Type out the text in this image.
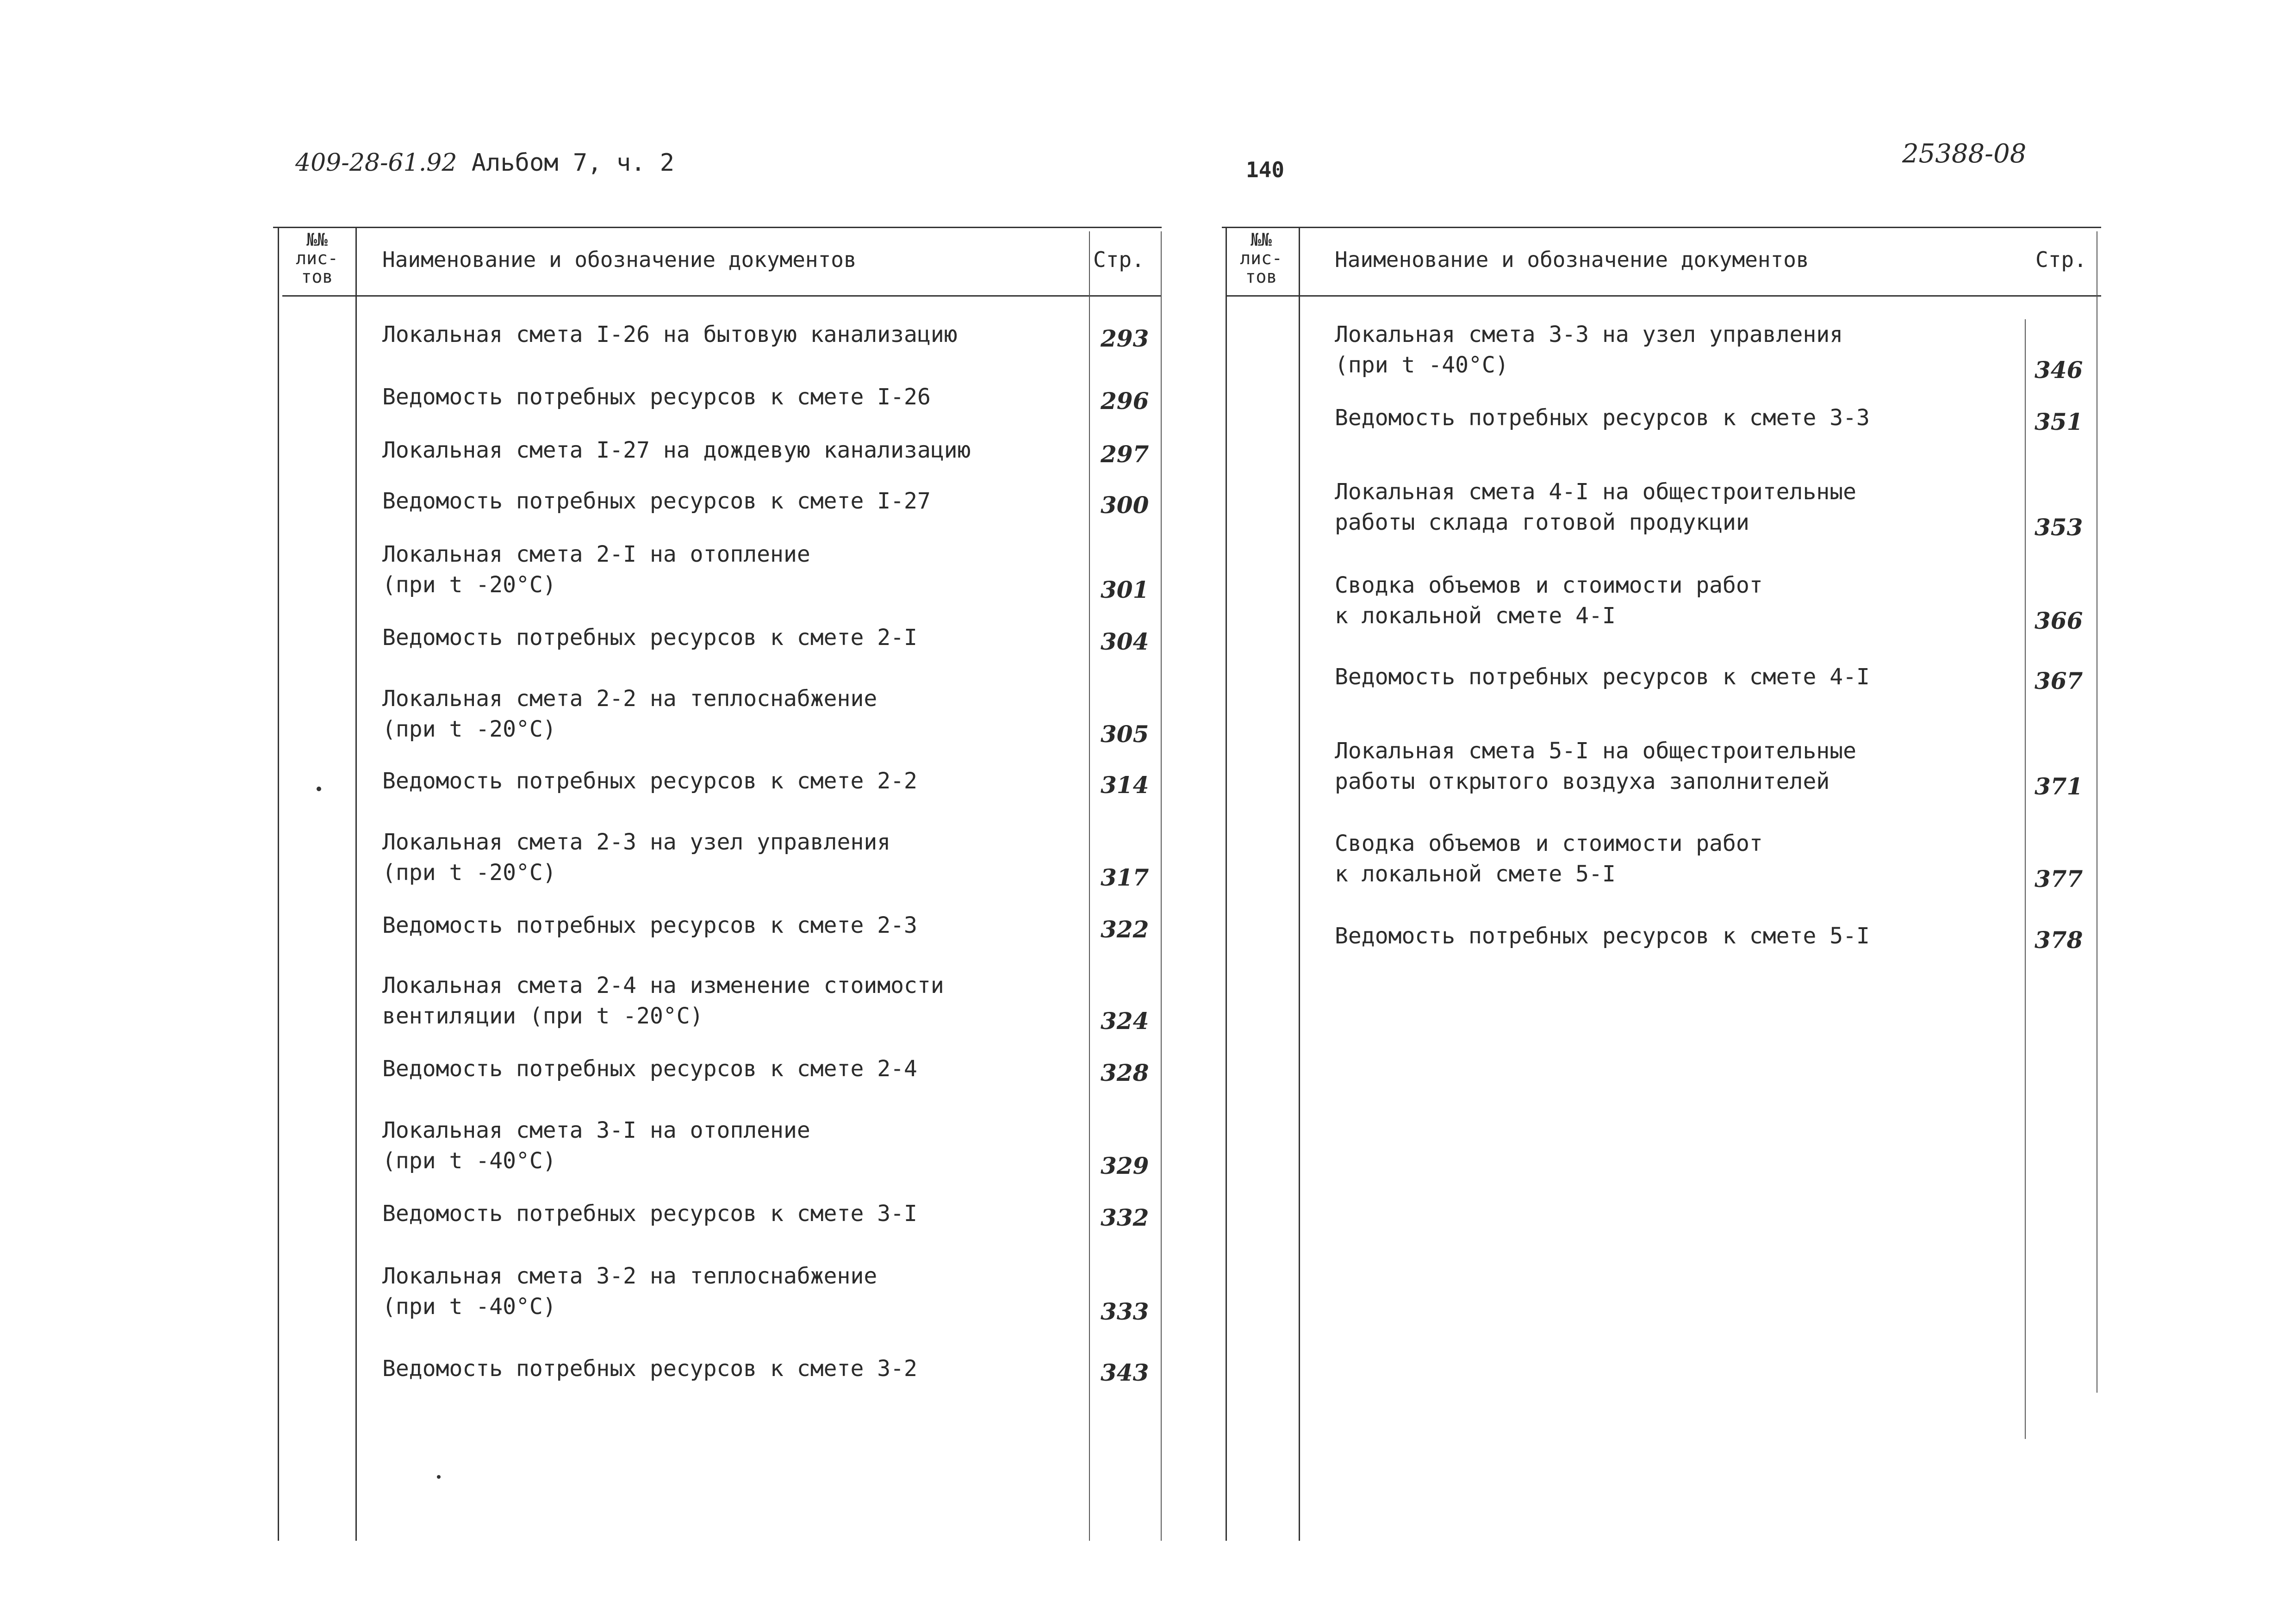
409-28-61.92 Альбом 7, ч. 2	140
25388-08
№№
лис-
тов
Наименование и обозначение документов	Стр.
Локальная смета I-26 на бытовую канализацию	293
Ведомость потребных ресурсов к смете I-26	296
Локальная смета I-27 на дождевую канализацию	297
Ведомость потребных ресурсов к смете I-27	300
Локальная смета 2-I на отопление
(при t -20°C)	301
Ведомость потребных ресурсов к смете 2-I	304
Локальная смета 2-2 на теплоснабжение
(при t -20°C)	305
Ведомость потребных ресурсов к смете 2-2	314
Локальная смета 2-3 на узел управления
(при t -20°C)	317
Ведомость потребных ресурсов к смете 2-3	322
Локальная смета 2-4 на изменение стоимости
вентиляции (при t -20°C)	324
Ведомость потребных ресурсов к смете 2-4	328
Локальная смета 3-I на отопление
(при t -40°C)	329
Ведомость потребных ресурсов к смете 3-I	332
Локальная смета 3-2 на теплоснабжение
(при t -40°C)	333
Ведомость потребных ресурсов к смете 3-2	343
№№
лис-
тов
Наименование и обозначение документов	Стр.
Локальная смета 3-3 на узел управления
(при t -40°C)	346
Ведомость потребных ресурсов к смете 3-3	351
Локальная смета 4-I на общестроительные
работы склада готовой продукции	353
Сводка объемов и стоимости работ
к локальной смете 4-I	366
Ведомость потребных ресурсов к смете 4-I	367
Локальная смета 5-I на общестроительные
работы открытого воздуха заполнителей	371
Сводка объемов и стоимости работ
к локальной смете 5-I	377
Ведомость потребных ресурсов к смете 5-I	378
